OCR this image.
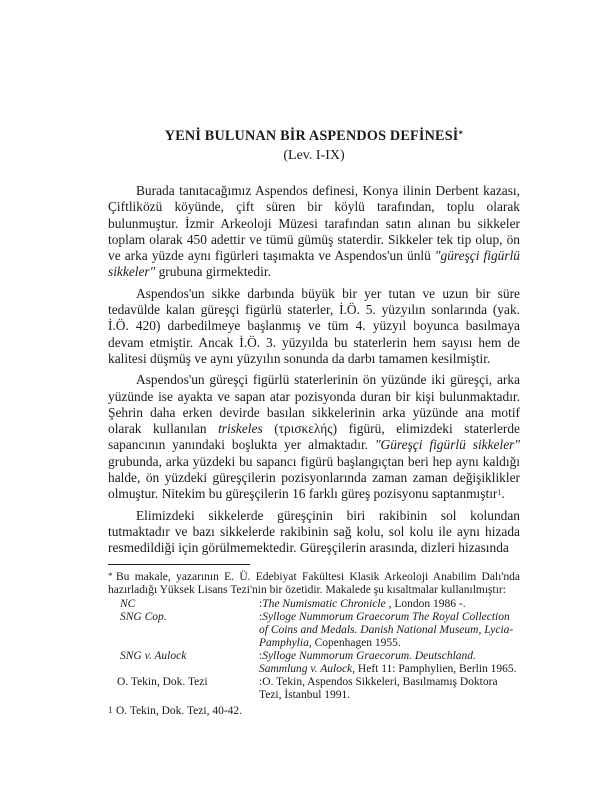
YENİ BULUNAN BİR ASPENDOS DEFİNESİ*
(Lev. I-IX)

Burada tanıtacağımız Aspendos definesi, Konya ilinin Derbent kazası, Çiftliközü köyünde, çift süren bir köylü tarafından, toplu olarak bulunmuştur. İzmir Arkeoloji Müzesi tarafından satın alınan bu sikkeler toplam olarak 450 adettir ve tümü gümüş staterdir. Sikkeler tek tip olup, ön ve arka yüzde aynı figürleri taşımakta ve Aspendos'un ünlü "güreşçi figürlü sikkeler" grubuna girmektedir.

Aspendos'un sikke darbında büyük bir yer tutan ve uzun bir süre tedavülde kalan güreşçi figürlü staterler, İ.Ö. 5. yüzyılın sonlarında (yak. İ.Ö. 420) darbedilmeye başlanmış ve tüm 4. yüzyıl boyunca basılmaya devam etmiştir. Ancak İ.Ö. 3. yüzyılda bu staterlerin hem sayısı hem de kalitesi düşmüş ve aynı yüzyılın sonunda da darbı tamamen kesilmiştir.

Aspendos'un güreşçi figürlü staterlerinin ön yüzünde iki güreşçi, arka yüzünde ise ayakta ve sapan atar pozisyonda duran bir kişi bulunmaktadır. Şehrin daha erken devirde basılan sikkelerinin arka yüzünde ana motif olarak kullanılan triskeles (τρισκελής) figürü, elimizdeki staterlerde sapancının yanındaki boşlukta yer almaktadır. "Güreşçi figürlü sikkeler" grubunda, arka yüzdeki bu sapancı figürü başlangıçtan beri hep aynı kaldığı halde, ön yüzdeki güreşçilerin pozisyonlarında zaman zaman değişiklikler olmuştur. Nitekim bu güreşçilerin 16 farklı güreş pozisyonu saptanmıştır$^1$.

Elimizdeki sikkelerde güreşçinin biri rakibinin sol kolundan tutmaktadır ve bazı sikkelerde rakibinin sağ kolu, sol kolu ile aynı hizada resmedildiği için görülmemektedir. Güreşçilerin arasında, dizleri hizasında

* Bu makale, yazarının E. Ü. Edebiyat Fakültesi Klasik Arkeoloji Anabilim Dalı'nda hazırladığı Yüksek Lisans Tezi'nin bir özetidir. Makalede şu kısaltmalar kullanılmıştır:

NC	:The Numismatic Chronicle , London 1986 -.
SNG Cop.	:Sylloge Nummorum Graecorum The Royal Collection of Coins and Medals. Danish National Museum, Lycia-Pamphylia, Copenhagen 1955.
SNG v. Aulock	:Sylloge Nummorum Graecorum. Deutschland. Sammlung v. Aulock, Heft 11: Pamphylien, Berlin 1965.
O. Tekin, Dok. Tezi	:O. Tekin, Aspendos Sikkeleri, Basılmamış Doktora Tezi, İstanbul 1991.

1 O. Tekin, Dok. Tezi, 40-42.
